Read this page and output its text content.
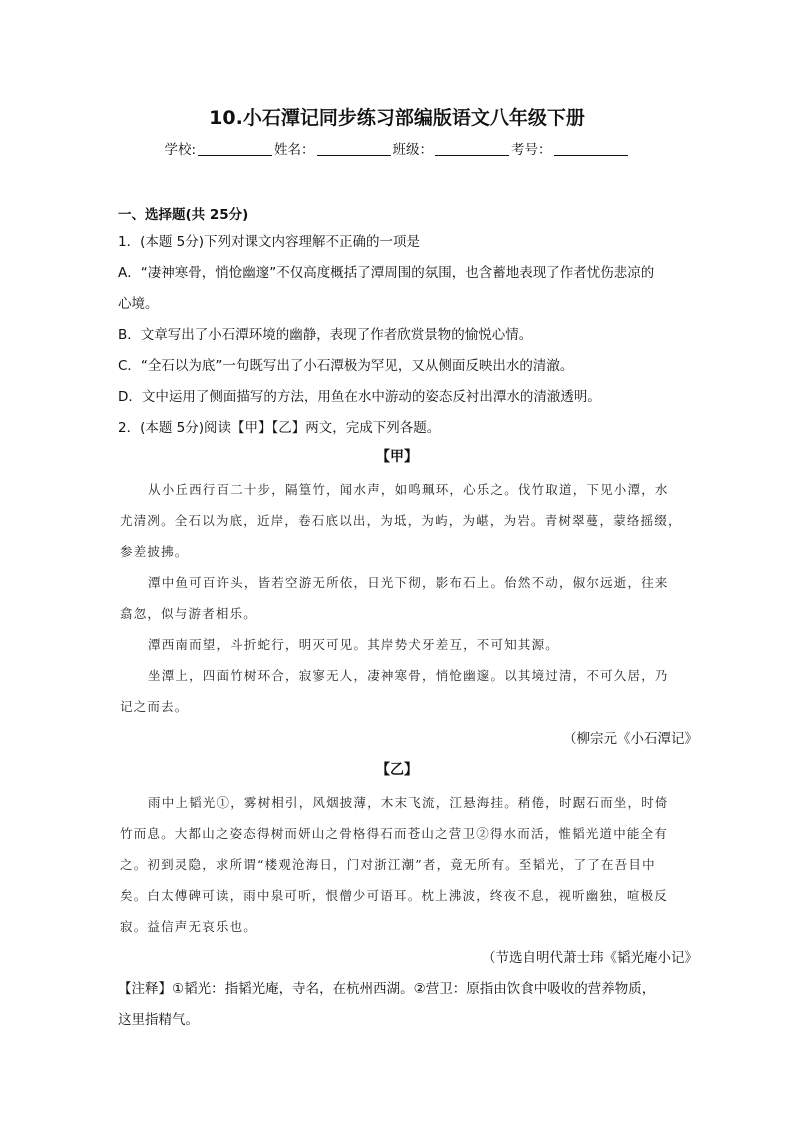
10.小石潭记同步练习部编版语文八年级下册
学校:	姓名：	班级：	考号：
一、选择题(共 25分)
1．(本题 5分)下列对课文内容理解不正确的一项是
A．“凄神寒骨，悄怆幽邃”不仅高度概括了潭周围的氛围，也含蓄地表现了作者忧伤悲凉的
心境。
B．文章写出了小石潭环境的幽静，表现了作者欣赏景物的愉悦心情。
C．“全石以为底”一句既写出了小石潭极为罕见，又从侧面反映出水的清澈。
D．文中运用了侧面描写的方法，用鱼在水中游动的姿态反衬出潭水的清澈透明。
2．(本题 5分)阅读【甲】【乙】两文，完成下列各题。
【甲】
从小丘西行百二十步，隔篁竹，闻水声，如鸣珮环，心乐之。伐竹取道，下见小潭，水
尤清冽。全石以为底，近岸，卷石底以出，为坻，为屿，为嵁，为岩。青树翠蔓，蒙络摇缀，
参差披拂。
潭中鱼可百许头，皆若空游无所依，日光下彻，影布石上。佁然不动，俶尔远逝，往来
翕忽，似与游者相乐。
潭西南而望，斗折蛇行，明灭可见。其岸势犬牙差互，不可知其源。
坐潭上，四面竹树环合，寂寥无人，凄神寒骨，悄怆幽邃。以其境过清，不可久居，乃
记之而去。
（柳宗元《小石潭记》
【乙】
雨中上韬光①，雾树相引，风烟披薄，木末飞流，江悬海挂。稍倦，时踞石而坐，时倚
竹而息。大都山之姿态得树而妍山之骨格得石而苍山之营卫②得水而活，惟韬光道中能全有
之。初到灵隐，求所谓“楼观沧海日，门对浙江潮”者，竟无所有。至韬光，了了在吾目中
矣。白太傅碑可读，雨中泉可听，恨僧少可语耳。枕上沸波，终夜不息，视听幽独，喧极反
寂。益信声无哀乐也。
（节选自明代萧士玮《韬光庵小记》
【注释】①韬光：指韬光庵，寺名，在杭州西湖。②营卫：原指由饮食中吸收的营养物质，
这里指精气。
